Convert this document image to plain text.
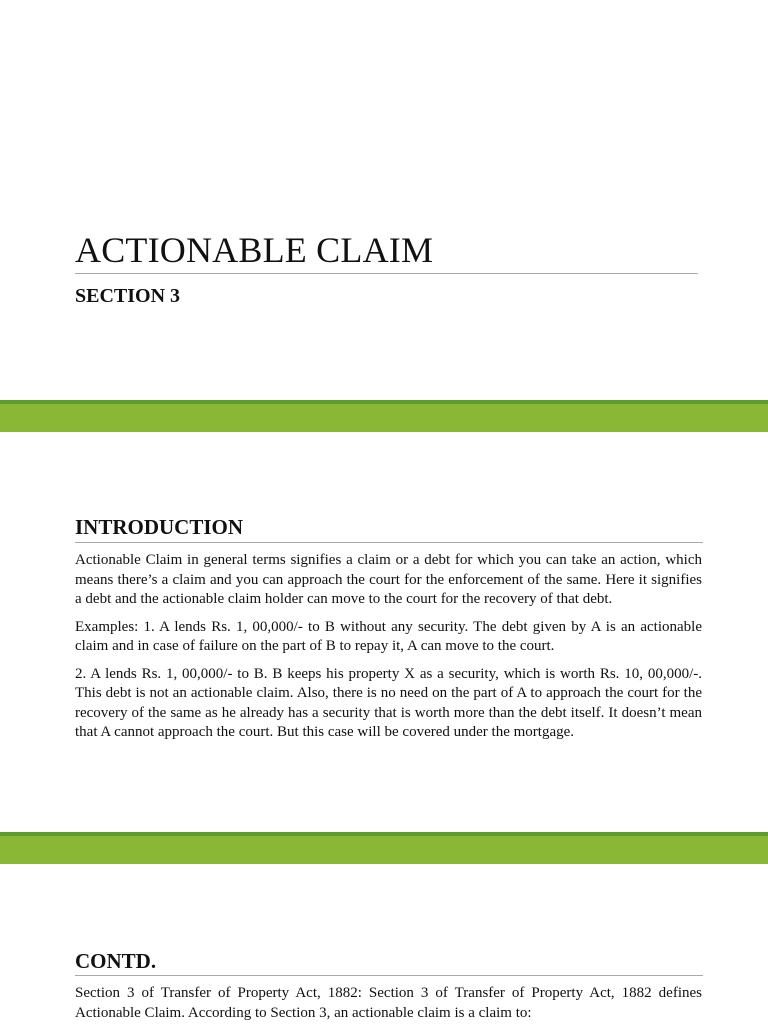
ACTIONABLE CLAIM
SECTION 3
INTRODUCTION

Actionable Claim in general terms signifies a claim or a debt for which you can take an action, which means there’s a claim and you can approach the court for the enforcement of the same. Here it signifies a debt and the actionable claim holder can move to the court for the recovery of that debt.

Examples: 1. A lends Rs. 1, 00,000/- to B without any security. The debt given by A is an actionable claim and in case of failure on the part of B to repay it, A can move to the court.

2. A lends Rs. 1, 00,000/- to B. B keeps his property X as a security, which is worth Rs. 10, 00,000/-. This debt is not an actionable claim. Also, there is no need on the part of A to approach the court for the recovery of the same as he already has a security that is worth more than the debt itself. It doesn’t mean that A cannot approach the court. But this case will be covered under the mortgage.

CONTD.

Section 3 of Transfer of Property Act, 1882: Section 3 of Transfer of Property Act, 1882 defines Actionable Claim. According to Section 3, an actionable claim is a claim to:
